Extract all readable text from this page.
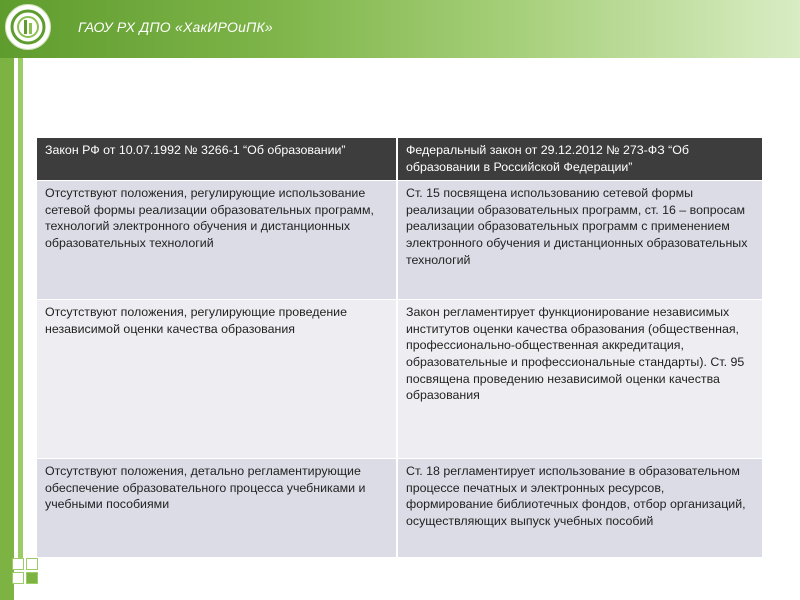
ГАОУ РХ ДПО «ХакИРОиПК»
Закон РФ от 10.07.1992 № 3266-1 “Об образовании”	Федеральный закон от 29.12.2012 № 273-ФЗ “Об образовании в Российской Федерации”
Отсутствуют положения, регулирующие использование сетевой формы реализации образовательных программ, технологий электронного обучения и дистанционных образовательных технологий	Ст. 15 посвящена использованию сетевой формы реализации образовательных программ, ст. 16 – вопросам реализации образовательных программ с применением электронного обучения и дистанционных образовательных технологий
Отсутствуют положения, регулирующие проведение независимой оценки качества образования	Закон регламентирует функционирование независимых институтов оценки качества образования (общественная, профессионально-общественная аккредитация, образовательные и профессиональные стандарты). Ст. 95 посвящена проведению независимой оценки качества образования
Отсутствуют положения, детально регламентирующие обеспечение образовательного процесса учебниками и учебными пособиями	Ст. 18 регламентирует использование в образовательном процессе печатных и электронных ресурсов, формирование библиотечных фондов, отбор организаций, осуществляющих выпуск учебных пособий
